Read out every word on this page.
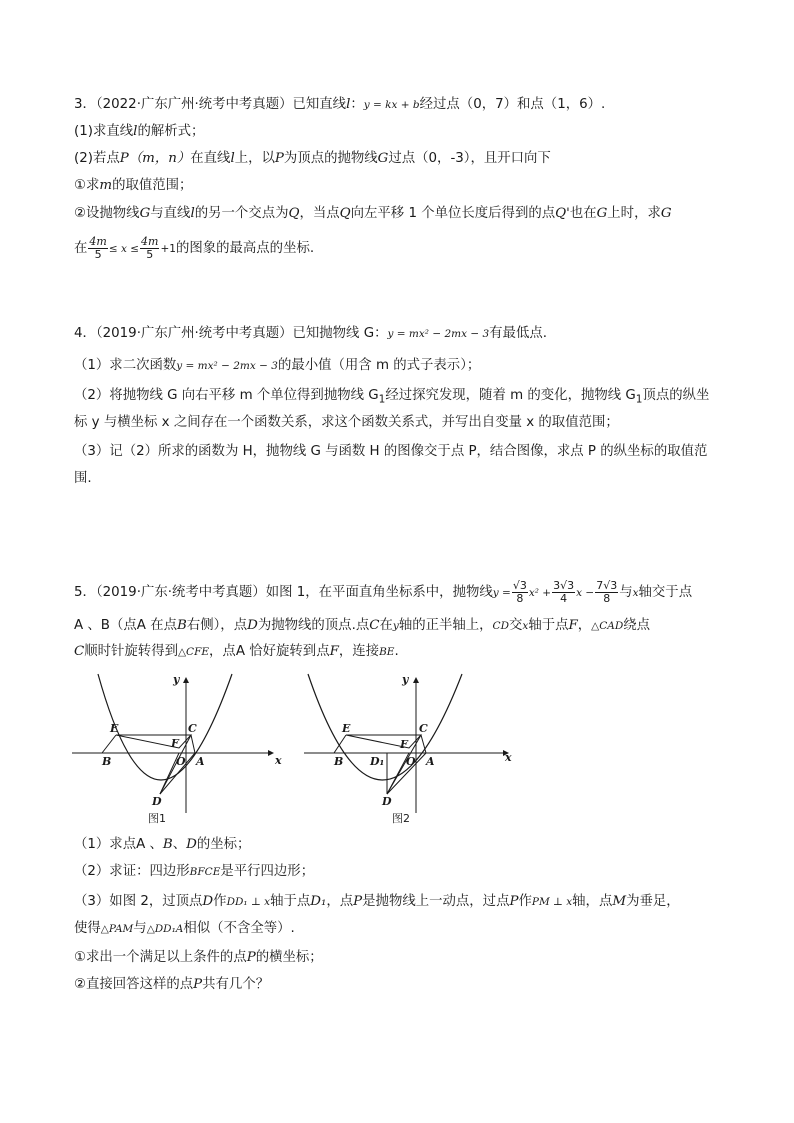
3．（2022·广东广州·统考中考真题）已知直线l：y = kx + b经过点（0，7）和点（1，6）.
(1)求直线l的解析式；
(2)若点P（m，n）在直线l上，以P为顶点的抛物线G过点（0，-3），且开口向下
①求m的取值范围；
②设抛物线G与直线l的另一个交点为Q，当点Q向左平移 1 个单位长度后得到的点Q'也在G上时，求G
在 $\frac{4m}{5} \le x \le \frac{4m}{5} +1$的图象的最高点的坐标.
4．（2019·广东广州·统考中考真题）已知抛物线 G：y = mx² − 2mx − 3有最低点.
（1）求二次函数y = mx² − 2mx − 3的最小值（用含 m 的式子表示）；
（2）将抛物线 G 向右平移 m 个单位得到抛物线 $G_1$经过探究发现，随着 m 的变化，抛物线 $G_1$顶点的纵坐
标 y 与横坐标 x 之间存在一个函数关系，求这个函数关系式，并写出自变量 x 的取值范围；
（3）记（2）所求的函数为 H，抛物线 G 与函数 H 的图像交于点 P，结合图像，求点 P 的纵坐标的取值范
围.
5．（2019·广东·统考中考真题）如图 1，在平面直角坐标系中，抛物线$y = \frac{√3}{8} x^2 + \frac{3√3}{4}$ $x - \frac{7√3}{8}$ 与x轴交于点
A 、B（点A 在点B右侧），点D为抛物线的顶点.点C在y轴的正半轴上，CD交x轴于点F，△CAD绕点
C顺时针旋转得到△CFE，点A 恰好旋转到点F，连接BE.
y
x
E	C
F
B	O A
D
图1
y
x
E	C
F
B D₁ O A
D
图2
（1）求点A 、B、D的坐标；
（2）求证：四边形BFCE是平行四边形；
（3）如图 2，过顶点D作DD₁ ⊥ x轴于点D₁，点P是抛物线上一动点，过点P作PM ⊥ x轴，点M为垂足，
使得△PAM与△DD₁A相似（不含全等）.
①求出一个满足以上条件的点P的横坐标；
②直接回答这样的点P共有几个？
